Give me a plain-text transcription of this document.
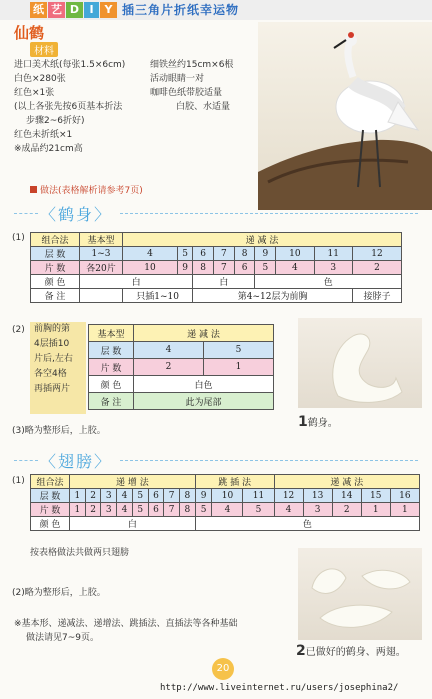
纸 艺 D I Y 插三角片折纸幸运物
仙鹤
材料
进口美术纸(每张1.5×6cm)
白色×280张
红色×1张
(以上各张先按6页基本折法
步骤2~6折好)
红色未折纸×1
※成品约21cm高
细铁丝约15cm×6根
活动眼睛一对
咖啡色纸带胶适量
白胶、水适量
做法(表格解析请参考7页)
〈鹤身〉
(1) 组合法	基本型	递 减 法								
层 数	1~3	4	5	6	7	8	9	10	11	12
片 数	各20片	10	9	8	7	6	5	4	3	2
颜 色	白			白			色			
备 注		只插1~10		第4~12层为前胸						接脖子
(2) 前胸的第
4层插10
片后,左右
各空4格
再插两片
基本型	递 减 法	
层 数	4	5
片 数	2	1
颜 色	白色	
备 注	此为尾部	
(3)略为整形后，上胶。
1鹤身。
〈翅膀〉
(1) 组合法	递 增 法								跳 插 法			递 减 法				
层 数	1	2	3	4	5	6	7	8	9	10	11	12	13	14	15	16
片 数	1	2	3	4	5	6	7	8	5	4	5	4	3	2	1	1
颜 色	白								色							
按表格做法共做两只翅膀
(2)略为整形后，上胶。
※基本形、递减法、递增法、跳插法、直插法等各种基础
做法请见7~9页。
2已做好的鹤身、两翅。
20
http://www.liveinternet.ru/users/josephina2/
